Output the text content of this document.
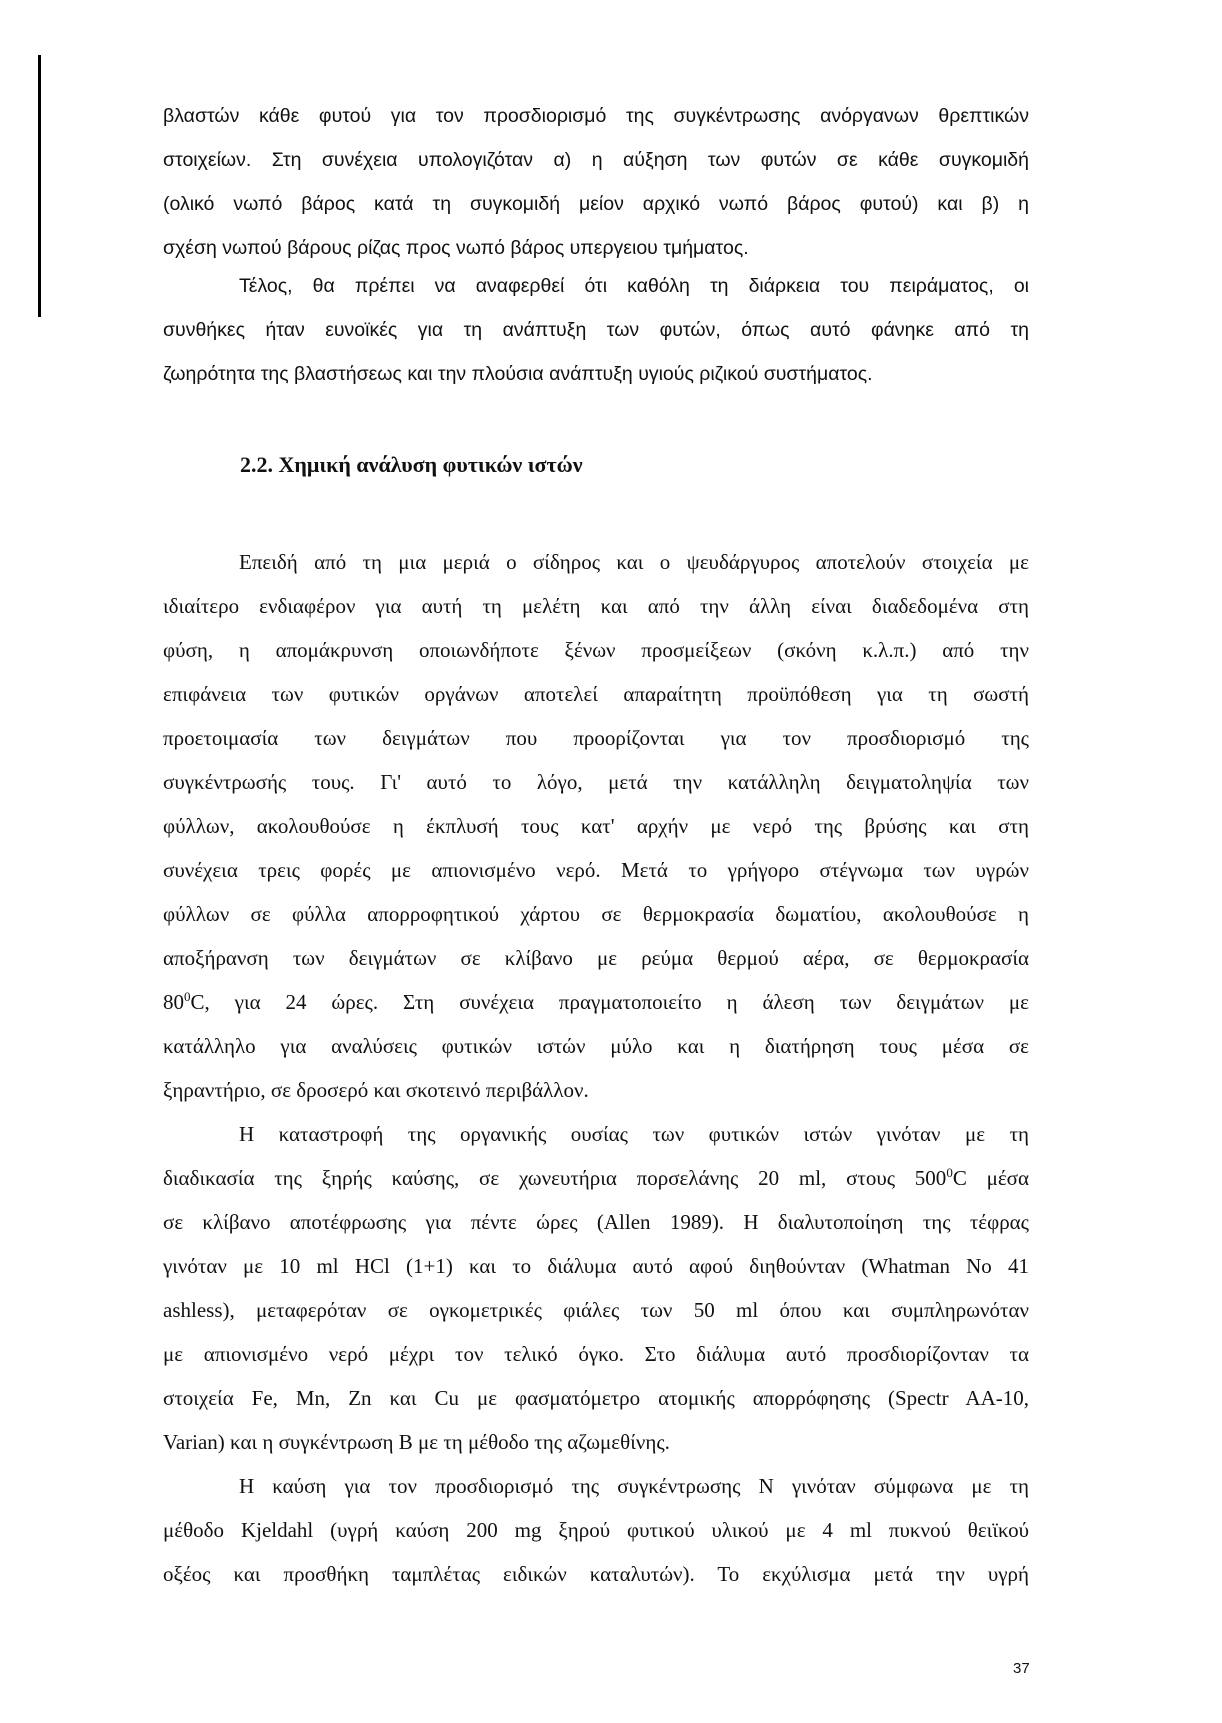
βλαστών κάθε φυτού για τον προσδιορισμό της συγκέντρωσης ανόργανων θρεπτικών
στοιχείων. Στη συνέχεια υπολογιζόταν α) η αύξηση των φυτών σε κάθε συγκομιδή
(ολικό νωπό βάρος κατά τη συγκομιδή μείον αρχικό νωπό βάρος φυτού) και β) η
σχέση νωπού βάρους ρίζας προς νωπό βάρος υπεργειου τμήματος.
Τέλος, θα πρέπει να αναφερθεί ότι καθόλη τη διάρκεια του πειράματος, οι
συνθήκες ήταν ευνοϊκές για τη ανάπτυξη των φυτών, όπως αυτό φάνηκε από τη
ζωηρότητα της βλαστήσεως και την πλούσια ανάπτυξη υγιούς ριζικού συστήματος.
2.2. Χημική ανάλυση φυτικών ιστών
Επειδή από τη μια μεριά ο σίδηρος και ο ψευδάργυρος αποτελούν στοιχεία με
ιδιαίτερο ενδιαφέρον για αυτή τη μελέτη και από την άλλη είναι διαδεδομένα στη
φύση, η απομάκρυνση οποιωνδήποτε ξένων προσμείξεων (σκόνη κ.λ.π.) από την
επιφάνεια των φυτικών οργάνων αποτελεί απαραίτητη προϋπόθεση για τη σωστή
προετοιμασία των δειγμάτων που προορίζονται για τον προσδιορισμό της
συγκέντρωσής τους. Γι' αυτό το λόγο, μετά την κατάλληλη δειγματοληψία των
φύλλων, ακολουθούσε η έκπλυσή τους κατ' αρχήν με νερό της βρύσης και στη
συνέχεια τρεις φορές με απιονισμένο νερό. Μετά το γρήγορο στέγνωμα των υγρών
φύλλων σε φύλλα απορροφητικού χάρτου σε θερμοκρασία δωματίου, ακολουθούσε η
αποξήρανση των δειγμάτων σε κλίβανο με ρεύμα θερμού αέρα, σε θερμοκρασία
$80^0C$, για 24 ώρες. Στη συνέχεια πραγματοποιείτο η άλεση των δειγμάτων με
κατάλληλο για αναλύσεις φυτικών ιστών μύλο και η διατήρηση τους μέσα σε
ξηραντήριο, σε δροσερό και σκοτεινό περιβάλλον.
Η καταστροφή της οργανικής ουσίας των φυτικών ιστών γινόταν με τη
διαδικασία της ξηρής καύσης, σε χωνευτήρια πορσελάνης 20 ml, στους $500^0C$ μέσα
σε κλίβανο αποτέφρωσης για πέντε ώρες (Allen 1989). Η διαλυτοποίηση της τέφρας
γινόταν με 10 ml HCl (1+1) και το διάλυμα αυτό αφού διηθούνταν (Whatman No 41
ashless), μεταφερόταν σε ογκομετρικές φιάλες των 50 ml όπου και συμπληρωνόταν
με απιονισμένο νερό μέχρι τον τελικό όγκο. Στο διάλυμα αυτό προσδιορίζονταν τα
στοιχεία Fe, Mn, Zn και Cu με φασματόμετρο ατομικής απορρόφησης (Spectr AA-10,
Varian) και η συγκέντρωση Β με τη μέθοδο της αζωμεθίνης.
Η καύση για τον προσδιορισμό της συγκέντρωσης Ν γινόταν σύμφωνα με τη
μέθοδο Kjeldahl (υγρή καύση 200 mg ξηρού φυτικού υλικού με 4 ml πυκνού θειϊκού
οξέος και προσθήκη ταμπλέτας ειδικών καταλυτών). Το εκχύλισμα μετά την υγρή
37
